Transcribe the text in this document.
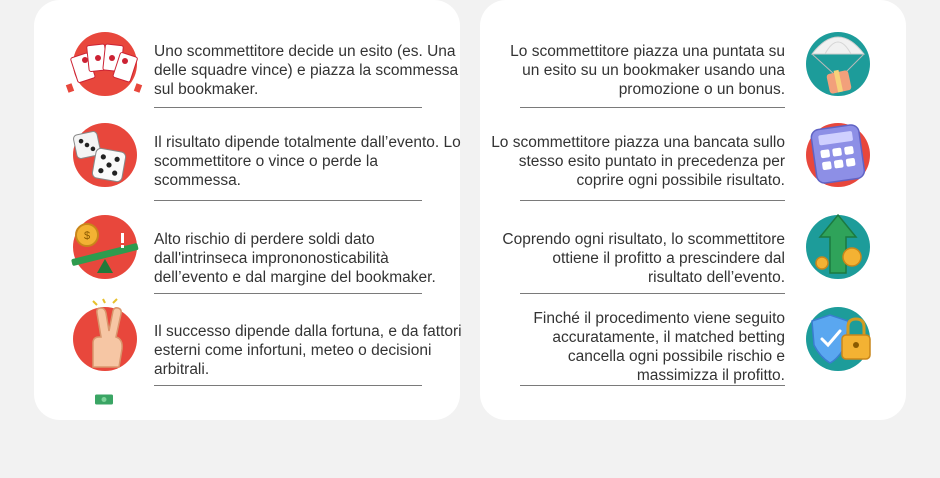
Uno scommettitore decide un esito (es. Una delle squadre vince) e piazza la scommessa sul bookmaker.
Il risultato dipende totalmente dall’evento. Lo scommettitore o vince o perde la scommessa.
$	Alto rischio di perdere soldi dato dall'intrinseca imprononosticabilità dell’evento e dal margine del bookmaker.
Il successo dipende dalla fortuna, e da fattori esterni come infortuni, meteo o decisioni arbitrali.
Lo scommettitore piazza una puntata su un esito su un bookmaker usando una promozione o un bonus.
Lo scommettitore piazza una bancata sullo stesso esito puntato in precedenza per coprire ogni possibile risultato.
Coprendo ogni risultato, lo scommettitore ottiene il profitto a prescindere dal risultato dell’evento.
Finché il procedimento viene seguito accuratamente, il matched betting cancella ogni possibile rischio e massimizza il profitto.
